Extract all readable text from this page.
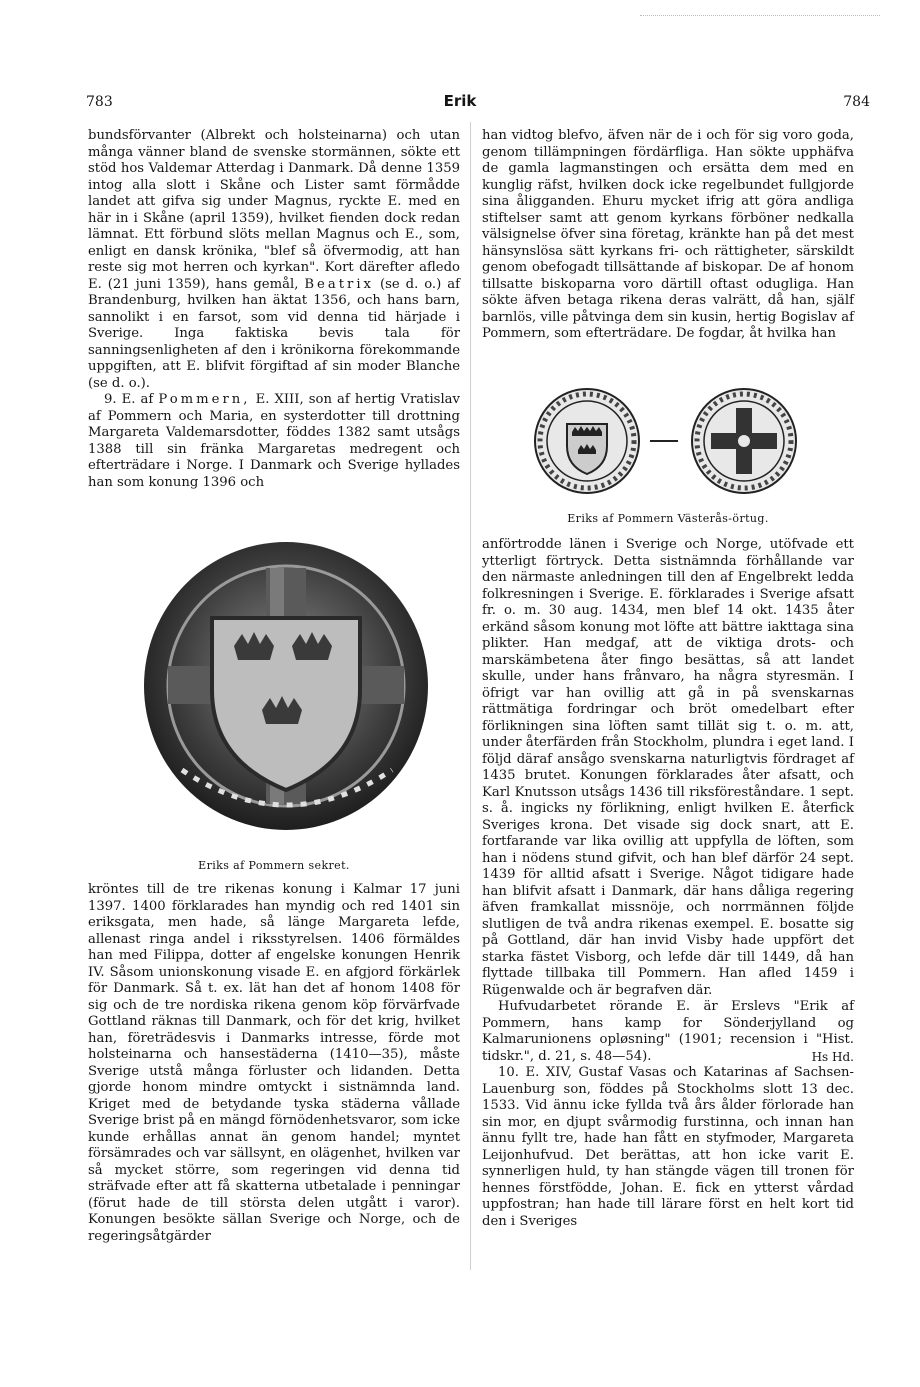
783	Erik	784

bundsförvanter (Albrekt och holsteinarna) och utan många vänner bland de svenske stormännen, sökte ett stöd hos Valdemar Atterdag i Danmark. Då denne 1359 intog alla slott i Skåne och Lister samt förmådde landet att gifva sig under Magnus, ryckte E. med en här in i Skåne (april 1359), hvilket fienden dock redan lämnat. Ett förbund slöts mellan Magnus och E., som, enligt en dansk krönika, "blef så öfvermodig, att han reste sig mot herren och kyrkan". Kort därefter afledo E. (21 juni 1359), hans gemål, Beatrix (se d. o.) af Brandenburg, hvilken han äktat 1356, och hans barn, sannolikt i en farsot, som vid denna tid härjade i Sverige. Inga faktiska bevis tala för sanningsenligheten af den i krönikorna förekommande uppgiften, att E. blifvit förgiftad af sin moder Blanche (se d. o.).

9. E. af Pommern, E. XIII, son af hertig Vratislav af Pommern och Maria, en systerdotter till drottning Margareta Valdemarsdotter, föddes 1382 samt utsågs 1388 till sin fränka Margaretas medregent och efterträdare i Norge. I Danmark och Sverige hyllades han som konung 1396 och

Eriks af Pommern sekret.

kröntes till de tre rikenas konung i Kalmar 17 juni 1397. 1400 förklarades han myndig och red 1401 sin eriksgata, men hade, så länge Margareta lefde, allenast ringa andel i riksstyrelsen. 1406 förmäldes han med Filippa, dotter af engelske konungen Henrik IV. Såsom unionskonung visade E. en afgjord förkärlek för Danmark. Så t. ex. lät han det af honom 1408 för sig och de tre nordiska rikena genom köp förvärfvade Gottland räknas till Danmark, och för det krig, hvilket han, företrädesvis i Danmarks intresse, förde mot holsteinarna och hansestäderna (1410—35), måste Sverige utstå många förluster och lidanden. Detta gjorde honom mindre omtyckt i sistnämnda land. Kriget med de betydande tyska städerna vållade Sverige brist på en mängd förnödenhetsvaror, som icke kunde erhållas annat än genom handel; myntet försämrades och var sällsynt, en olägenhet, hvilken var så mycket större, som regeringen vid denna tid sträfvade efter att få skatterna utbetalade i penningar (förut hade de till största delen utgått i varor). Konungen besökte sällan Sverige och Norge, och de regeringsåtgärder

han vidtog blefvo, äfven när de i och för sig voro goda, genom tillämpningen fördärfliga. Han sökte upphäfva de gamla lagmanstingen och ersätta dem med en kunglig räfst, hvilken dock icke regelbundet fullgjorde sina åligganden. Ehuru mycket ifrig att göra andliga stiftelser samt att genom kyrkans förböner nedkalla välsignelse öfver sina företag, kränkte han på det mest hänsynslösa sätt kyrkans fri- och rättigheter, särskildt genom obefogadt tillsättande af biskopar. De af honom tillsatte biskoparna voro därtill oftast odugliga. Han sökte äfven betaga rikena deras valrätt, då han, själf barnlös, ville påtvinga dem sin kusin, hertig Bogislav af Pommern, som efterträdare. De fogdar, åt hvilka han

Eriks af Pommern Västerås-örtug.

anförtrodde länen i Sverige och Norge, utöfvade ett ytterligt förtryck. Detta sistnämnda förhållande var den närmaste anledningen till den af Engelbrekt ledda folkresningen i Sverige. E. förklarades i Sverige afsatt fr. o. m. 30 aug. 1434, men blef 14 okt. 1435 åter erkänd såsom konung mot löfte att bättre iakttaga sina plikter. Han medgaf, att de viktiga drots- och marskämbetena åter fingo besättas, så att landet skulle, under hans frånvaro, ha några styresmän. I öfrigt var han ovillig att gå in på svenskarnas rättmätiga fordringar och bröt omedelbart efter förlikningen sina löften samt tillät sig t. o. m. att, under återfärden från Stockholm, plundra i eget land. I följd däraf ansågo svenskarna naturligtvis fördraget af 1435 brutet. Konungen förklarades åter afsatt, och Karl Knutsson utsågs 1436 till riksföreståndare. 1 sept. s. å. ingicks ny förlikning, enligt hvilken E. återfick Sveriges krona. Det visade sig dock snart, att E. fortfarande var lika ovillig att uppfylla de löften, som han i nödens stund gifvit, och han blef därför 24 sept. 1439 för alltid afsatt i Sverige. Något tidigare hade han blifvit afsatt i Danmark, där hans dåliga regering äfven framkallat missnöje, och norrmännen följde slutligen de två andra rikenas exempel. E. bosatte sig på Gottland, där han invid Visby hade uppfört det starka fästet Visborg, och lefde där till 1449, då han flyttade tillbaka till Pommern. Han afled 1459 i Rügenwalde och är begrafven där.

Hufvudarbetet rörande E. är Erslevs "Erik af Pommern, hans kamp for Sönderjylland og Kalmarunionens opløsning" (1901; recension i "Hist. tidskr.", d. 21, s. 48—54).	Hs Hd.

10. E. XIV, Gustaf Vasas och Katarinas af Sachsen-Lauenburg son, föddes på Stockholms slott 13 dec. 1533. Vid ännu icke fyllda två års ålder förlorade han sin mor, en djupt svårmodig furstinna, och innan han ännu fyllt tre, hade han fått en styfmoder, Margareta Leijonhufvud. Det berättas, att hon icke varit E. synnerligen huld, ty han stängde vägen till tronen för hennes förstfödde, Johan. E. fick en ytterst vårdad uppfostran; han hade till lärare först en helt kort tid den i Sveriges
